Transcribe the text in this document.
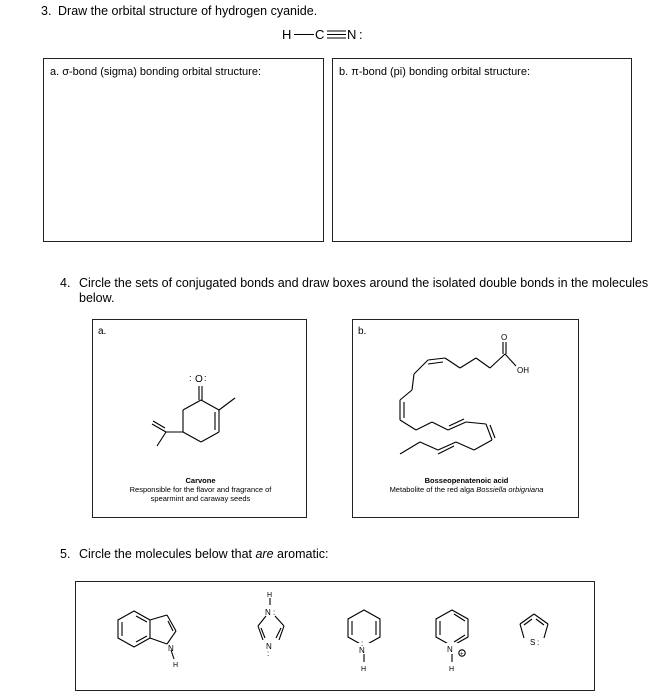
3. Draw the orbital structure of hydrogen cyanide.
H C N :
a. σ-bond (sigma) bonding orbital structure:	b. π-bond (pi) bonding orbital structure:
4. Circle the sets of conjugated bonds and draw boxes around the isolated double bonds in the molecules
below.
a.
Carvone
Responsible for the flavor and fragrance of
spearmint and caraway seeds
O
: :
b.
Bosseopenatenoic acid
Metabolite of the red alga Bossiella orbigniana
O
OH
5. Circle the molecules below that are aromatic:
N
H
H
N :
N
:
:
N
H
N
+
H
S :
